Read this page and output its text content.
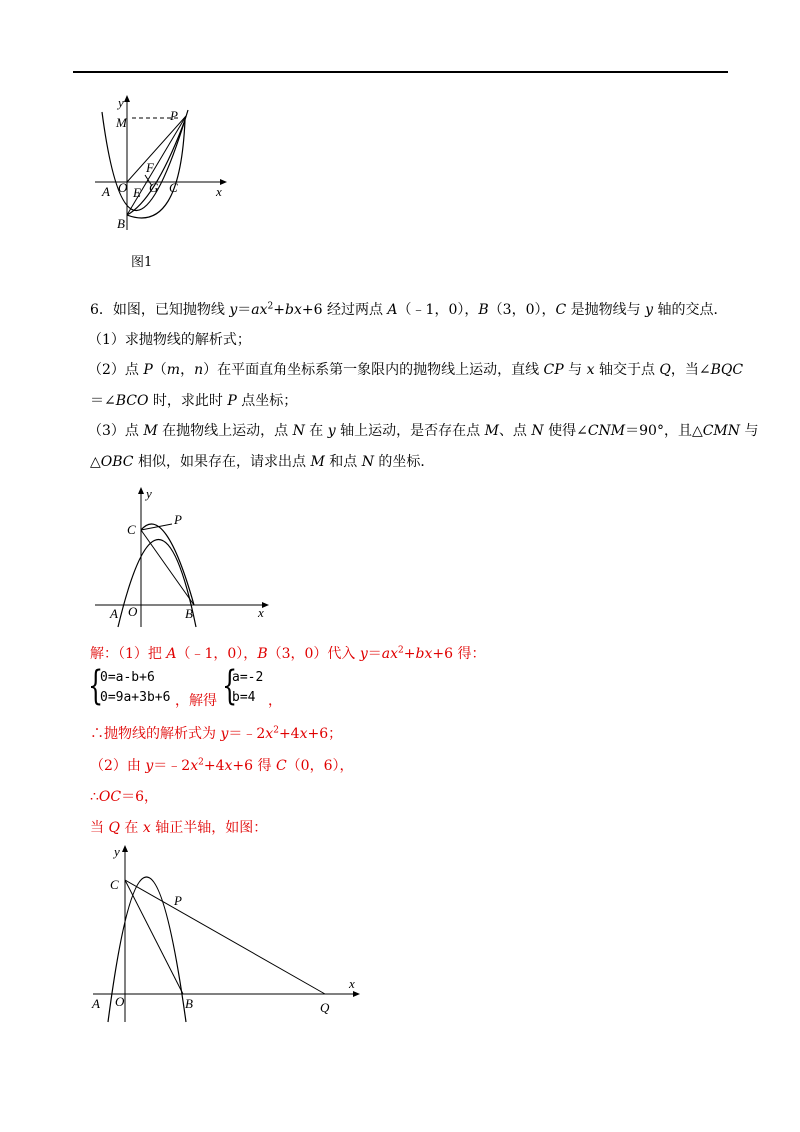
y
x
M	P
F
A O E G C
B
图1
6．如图，已知抛物线 $y=ax^2+bx+6$ 经过两点 A（﹣1，0），B（3，0），C 是抛物线与 y 轴的交点．
（1）求抛物线的解析式；
（2）点 P（m，n）在平面直角坐标系第一象限内的抛物线上运动，直线 CP 与 x 轴交于点 Q，当∠BQC
＝∠BCO 时，求此时 P 点坐标；
（3）点 M 在抛物线上运动，点 N 在 y 轴上运动，是否存在点 M、点 N 使得∠CNM＝90°，且△CMN 与
△OBC 相似，如果存在，请求出点 M 和点 N 的坐标．
y
x
C
P
A O	B
解：（1）把 A（﹣1，0），B（3，0）代入 $y=ax^2+bx+6$ 得：
{
0=a-b+6
0=9a+3b+6 ，解得 {
a=-2
b=4 ，
∴抛物线的解析式为 $y=﹣2x^2+4x+6$；
（2）由 $y=﹣2x^2+4x+6$ 得 C（0，6），
∴OC＝6，
当 Q 在 x 轴正半轴，如图：
y
x
C
P
A O	B	Q
